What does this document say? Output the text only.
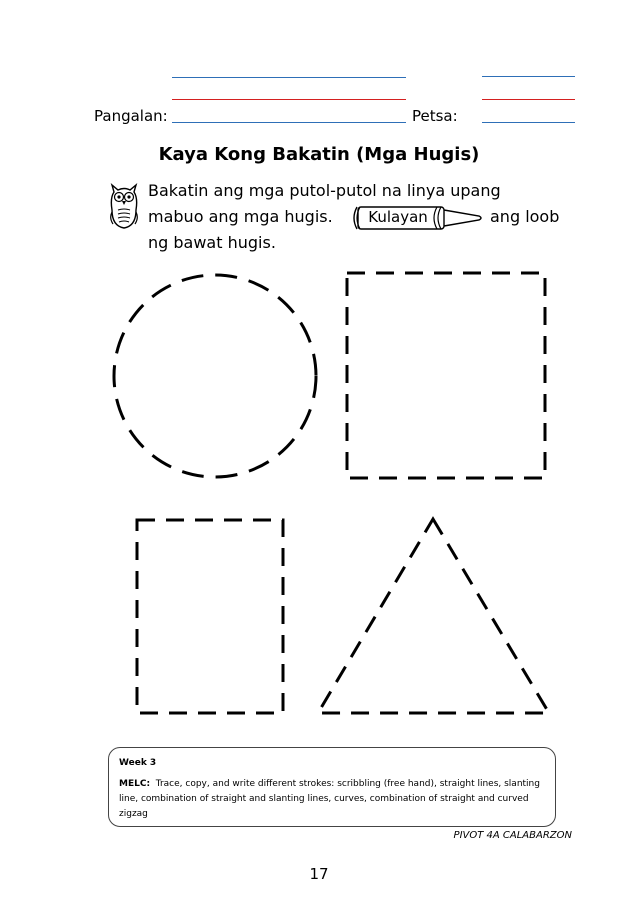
Pangalan:	Petsa:
Kaya Kong Bakatin (Mga Hugis)
Bakatin ang mga putol-putol na linya upang
mabuo ang mga hugis.	Kulayan	ang loob
ng bawat hugis.
Week 3
MELC: Trace, copy, and write different strokes: scribbling (free hand), straight lines, slanting line, combination of straight and slanting lines, curves, combination of straight and curved zigzag
PIVOT 4A CALABARZON
17
